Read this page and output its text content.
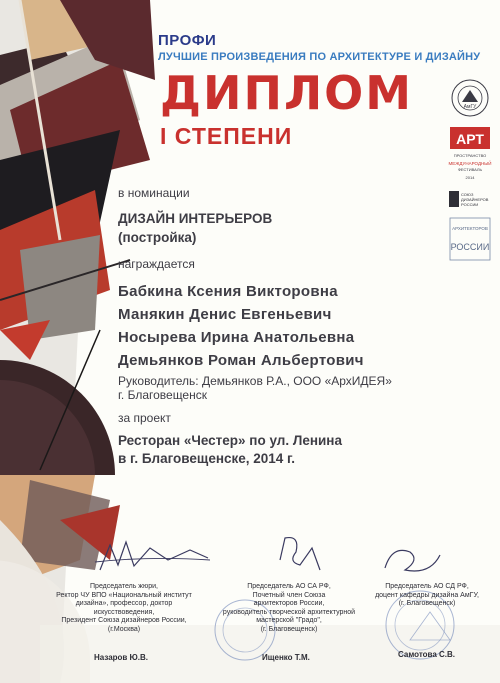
ПРОФИ
ЛУЧШИЕ ПРОИЗВЕДЕНИЯ ПО АРХИТЕКТУРЕ И ДИЗАЙНУ
АмГУ
АРТ
ПРОСТРАНСТВО
МЕЖДУНАРОДНЫЙ
ФЕСТИВАЛЬ
2014
СОЮЗ
ДИЗАЙНЕРОВ
РОССИИ
АРХИТЕКТОРОВ
РОССИИ
ДИПЛОМ
I СТЕПЕНИ
в номинации
ДИЗАЙН ИНТЕРЬЕРОВ
(постройка)
награждается
Бабкина Ксения Викторовна
Манякин Денис Евгеньевич
Носырева Ирина Анатольевна
Демьянков Роман Альбертович
Руководитель: Демьянков Р.А., ООО «АрхИДЕЯ»
г. Благовещенск
за проект
Ресторан «Честер» по ул. Ленина
в г. Благовещенске, 2014 г.
Председатель жюри,
Ректор ЧУ ВПО «Национальный институт
дизайна», профессор, доктор
искусствоведения,
Президент Союза дизайнеров России,
(г.Москва)
Назаров Ю.В.
Председатель АО СА РФ,
Почетный член Союза
архитекторов России,
руководитель творческой архитектурной
мастерской "Градо",
(г. Благовещенск)
Ищенко Т.М.
Председатель АО СД РФ,
доцент кафедры дизайна АмГУ,
(г. Благовещенск)
Самотова С.В.
